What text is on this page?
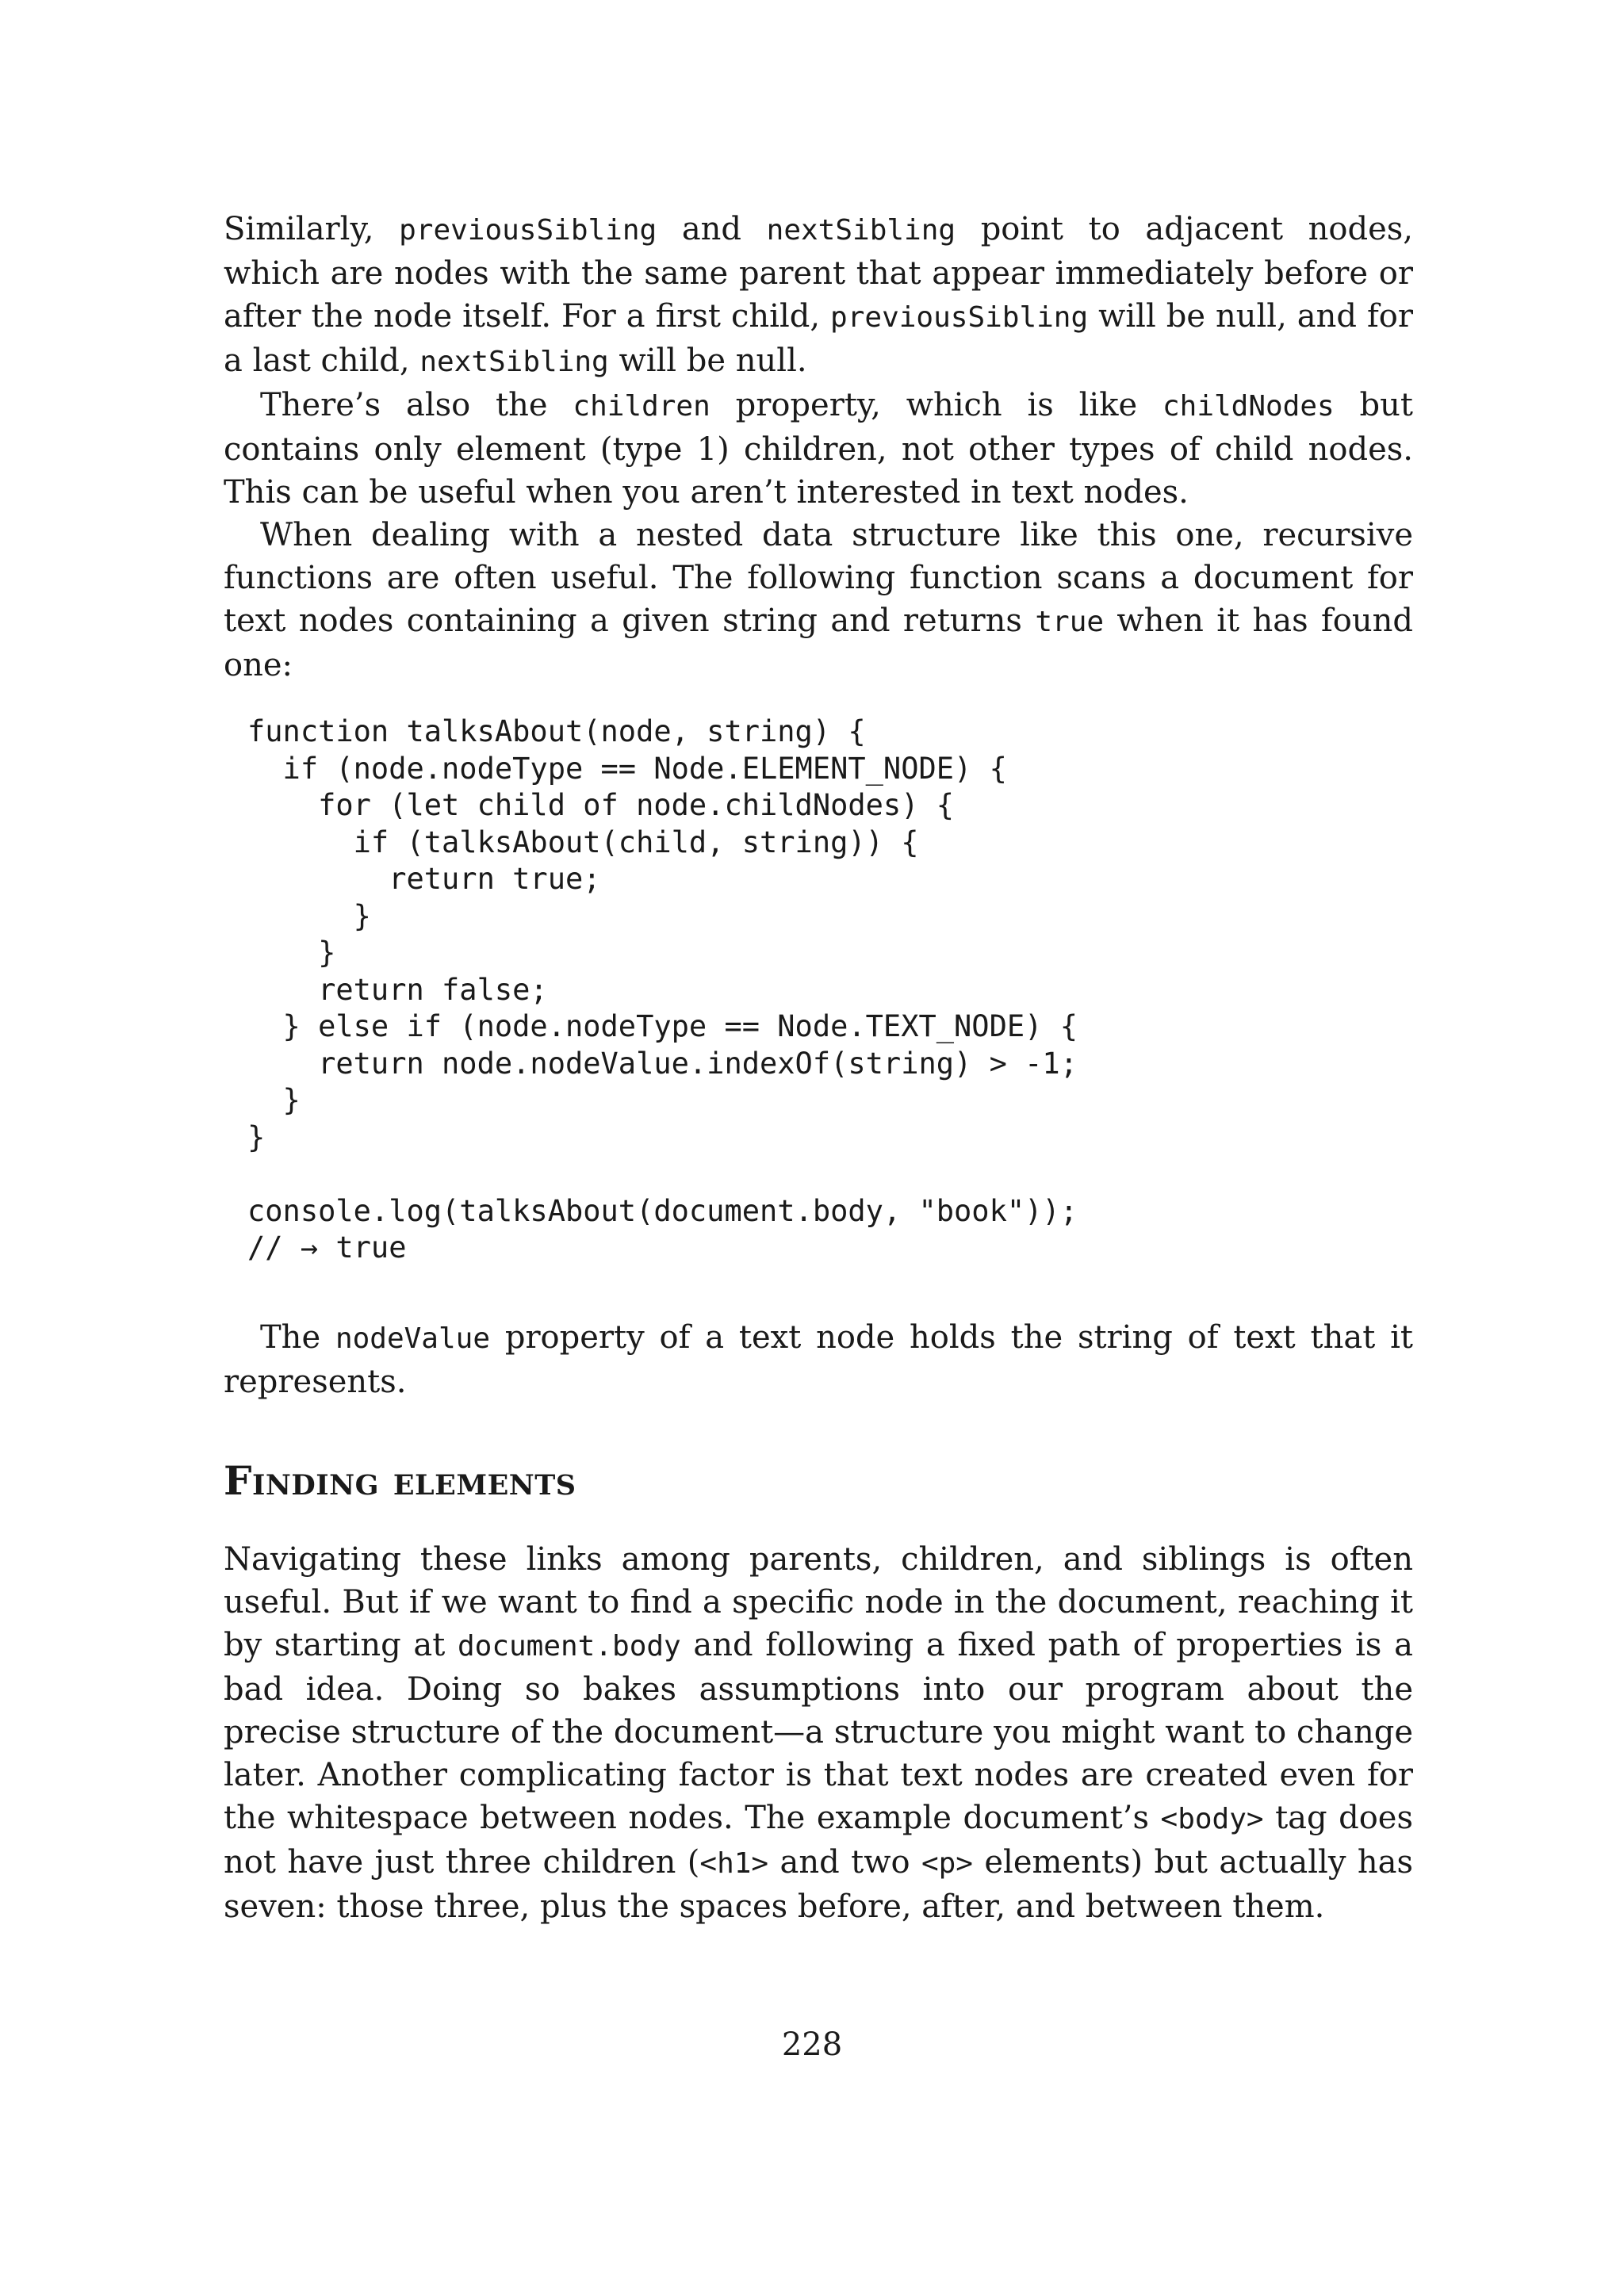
Similarly, previousSibling and nextSibling point to adjacent nodes, which are nodes with the same parent that appear immediately before or after the node itself. For a first child, previousSibling will be null, and for a last child, nextSibling will be null.

There’s also the children property, which is like childNodes but contains only element (type 1) children, not other types of child nodes. This can be useful when you aren’t interested in text nodes.

When dealing with a nested data structure like this one, recursive functions are often useful. The following function scans a document for text nodes containing a given string and returns true when it has found one:

function talksAbout(node, string) {
if (node.nodeType == Node.ELEMENT_NODE) {
for (let child of node.childNodes) {
if (talksAbout(child, string)) {
return true;
}
}
return false;
} else if (node.nodeType == Node.TEXT_NODE) {
return node.nodeValue.indexOf(string) > -1;
}
}

console.log(talksAbout(document.body, "book"));
// → true

The nodeValue property of a text node holds the string of text that it represents.

Finding elements

Navigating these links among parents, children, and siblings is often useful. But if we want to find a specific node in the document, reaching it by starting at document.body and following a fixed path of properties is a bad idea. Doing so bakes assumptions into our program about the precise structure of the document—a structure you might want to change later. Another complicating factor is that text nodes are created even for the whitespace between nodes. The example document’s <body> tag does not have just three children (<h1> and two <p> elements) but actually has seven: those three, plus the spaces before, after, and between them.

228
